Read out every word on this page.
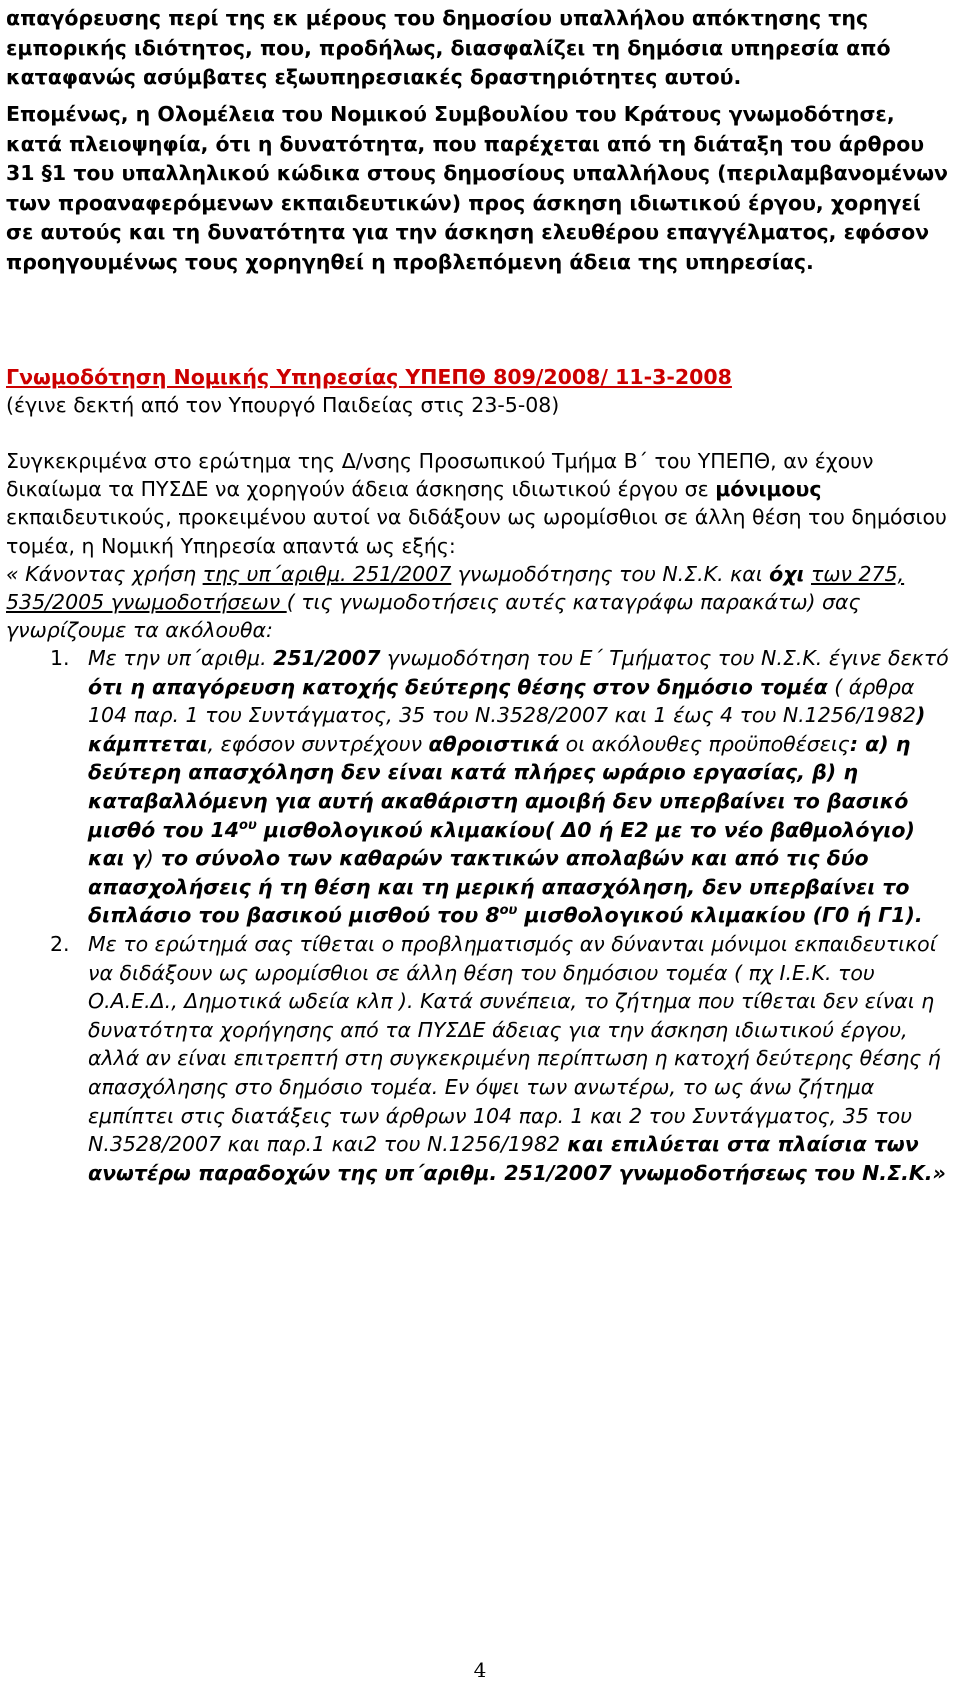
απαγόρευσης περί της εκ μέρους του δημοσίου υπαλλήλου απόκτησης της εμπορικής ιδιότητος, που, προδήλως, διασφαλίζει τη δημόσια υπηρεσία από καταφανώς ασύμβατες εξωυπηρεσιακές δραστηριότητες αυτού.

Επομένως, η Ολομέλεια του Νομικού Συμβουλίου του Κράτους γνωμοδότησε, κατά πλειοψηφία, ότι η δυνατότητα, που παρέχεται από τη διάταξη του άρθρου 31 §1 του υπαλληλικού κώδικα στους δημοσίους υπαλλήλους (περιλαμβανομένων των προαναφερόμενων εκπαιδευτικών) προς άσκηση ιδιωτικού έργου, χορηγεί σε αυτούς και τη δυνατότητα για την άσκηση ελευθέρου επαγγέλματος, εφόσον προηγουμένως τους χορηγηθεί η προβλεπόμενη άδεια της υπηρεσίας.

Γνωμοδότηση Νομικής Υπηρεσίας ΥΠΕΠΘ 809/2008/ 11-3-2008
(έγινε δεκτή από τον Υπουργό Παιδείας στις 23-5-08)
Συγκεκριμένα στο ερώτημα της Δ/νσης Προσωπικού Τμήμα Β΄ του ΥΠΕΠΘ, αν έχουν δικαίωμα τα ΠΥΣΔΕ να χορηγούν άδεια άσκησης ιδιωτικού έργου σε μόνιμους εκπαιδευτικούς, προκειμένου αυτοί να διδάξουν ως ωρομίσθιοι σε άλλη θέση του δημόσιου τομέα, η Νομική Υπηρεσία απαντά ως εξής:
« Κάνοντας χρήση της υπ΄αριθμ. 251/2007 γνωμοδότησης του Ν.Σ.Κ. και όχι των 275, 535/2005 γνωμοδοτήσεων ( τις γνωμοδοτήσεις αυτές καταγράφω παρακάτω) σας γνωρίζουμε τα ακόλουθα:
1. Με την υπ΄αριθμ. 251/2007 γνωμοδότηση του Ε΄ Τμήματος του Ν.Σ.Κ. έγινε δεκτό ότι η απαγόρευση κατοχής δεύτερης θέσης στον δημόσιο τομέα ( άρθρα 104 παρ. 1 του Συντάγματος, 35 του Ν.3528/2007 και 1 έως 4 του Ν.1256/1982) κάμπτεται, εφόσον συντρέχουν αθροιστικά οι ακόλουθες προϋποθέσεις: α) η δεύτερη απασχόληση δεν είναι κατά πλήρες ωράριο εργασίας, β) η καταβαλλόμενη για αυτή ακαθάριστη αμοιβή δεν υπερβαίνει το βασικό μισθό του $14^{o\upsilon}$ μισθολογικού κλιμακίου( Δ0 ή Ε2 με το νέο βαθμολόγιο) και γ) το σύνολο των καθαρών τακτικών απολαβών και από τις δύο απασχολήσεις ή τη θέση και τη μερική απασχόληση, δεν υπερβαίνει το διπλάσιο του βασικού μισθού του $8^{o\upsilon}$ μισθολογικού κλιμακίου (Γ0 ή Γ1).
2. Με το ερώτημά σας τίθεται ο προβληματισμός αν δύνανται μόνιμοι εκπαιδευτικοί να διδάξουν ως ωρομίσθιοι σε άλλη θέση του δημόσιου τομέα ( πχ Ι.Ε.Κ. του Ο.Α.Ε.Δ., Δημοτικά ωδεία κλπ ). Κατά συνέπεια, το ζήτημα που τίθεται δεν είναι η δυνατότητα χορήγησης από τα ΠΥΣΔΕ άδειας για την άσκηση ιδιωτικού έργου, αλλά αν είναι επιτρεπτή στη συγκεκριμένη περίπτωση η κατοχή δεύτερης θέσης ή απασχόλησης στο δημόσιο τομέα. Εν όψει των ανωτέρω, το ως άνω ζήτημα εμπίπτει στις διατάξεις των άρθρων 104 παρ. 1 και 2 του Συντάγματος, 35 του Ν.3528/2007 και παρ.1 και2 του Ν.1256/1982 και επιλύεται στα πλαίσια των ανωτέρω παραδοχών της υπ΄αριθμ. 251/2007 γνωμοδοτήσεως του Ν.Σ.Κ.»
4
